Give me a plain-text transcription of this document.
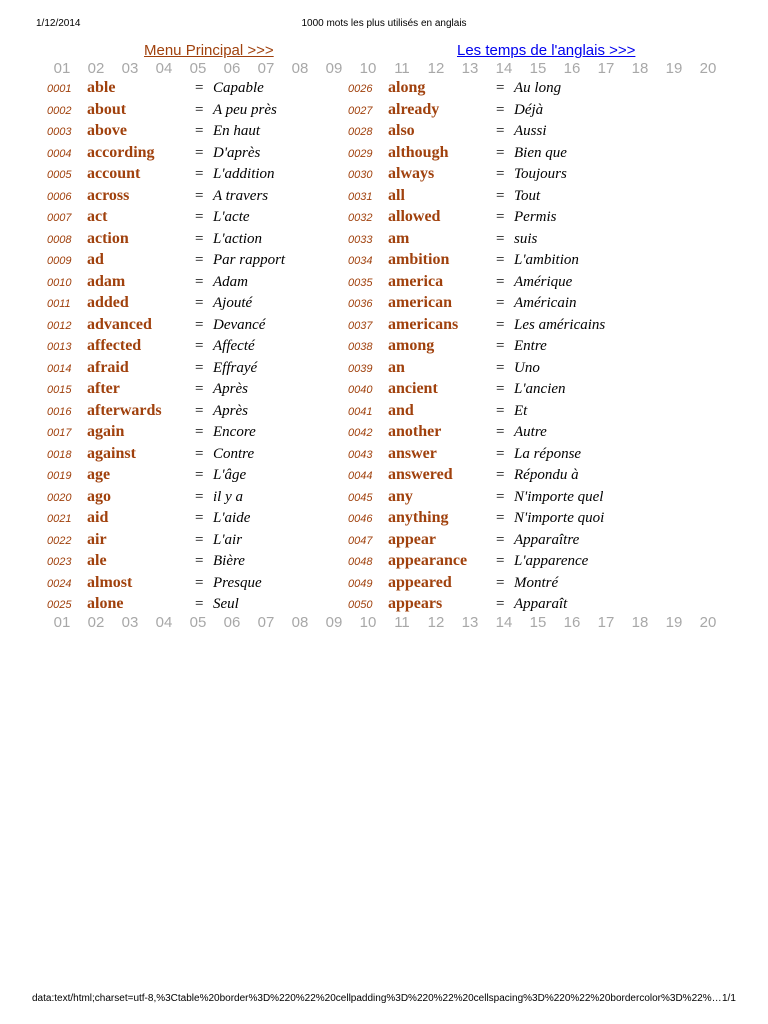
1/12/2014	1000 mots les plus utilisés en anglais
Menu Principal >>>	Les temps de l'anglais >>>
01	02	03	04	05	06	07	08	09	10	11	12	13	14	15	16	17	18	19	20
0001 able	= Capable
0002 about	= A peu près
0003 above	= En haut
0004 according	= D'après
0005 account	= L'addition
0006 across	= A travers
0007 act	= L'acte
0008 action	= L'action
0009 ad	= Par rapport
0010 adam	= Adam
0011 added	= Ajouté
0012 advanced	= Devancé
0013 affected	= Affecté
0014 afraid	= Effrayé
0015 after	= Après
0016 afterwards = Après
0017 again	= Encore
0018 against	= Contre
0019 age	= L'âge
0020 ago	= il y a
0021 aid	= L'aide
0022 air	= L'air
0023 ale	= Bière
0024 almost	= Presque
0025 alone	= Seul
0026 along	= Au long
0027 already	= Déjà
0028 also	= Aussi
0029 although	= Bien que
0030 always	= Toujours
0031 all	= Tout
0032 allowed	= Permis
0033 am	= suis
0034 ambition	= L'ambition
0035 america	= Amérique
0036 american	= Américain
0037 americans	= Les américains
0038 among	= Entre
0039 an	= Uno
0040 ancient	= L'ancien
0041 and	= Et
0042 another	= Autre
0043 answer	= La réponse
0044 answered	= Répondu à
0045 any	= N'importe quel
0046 anything	= N'importe quoi
0047 appear	= Apparaître
0048 appearance = L'apparence
0049 appeared	= Montré
0050 appears	= Apparaît
01	02	03	04	05	06	07	08	09	10	11	12	13	14	15	16	17	18	19	20
data:text/html;charset=utf-8,%3Ctable%20border%3D%220%22%20cellpadding%3D%220%22%20cellspacing%3D%220%22%20bordercolor%3D%22%… 1/1
